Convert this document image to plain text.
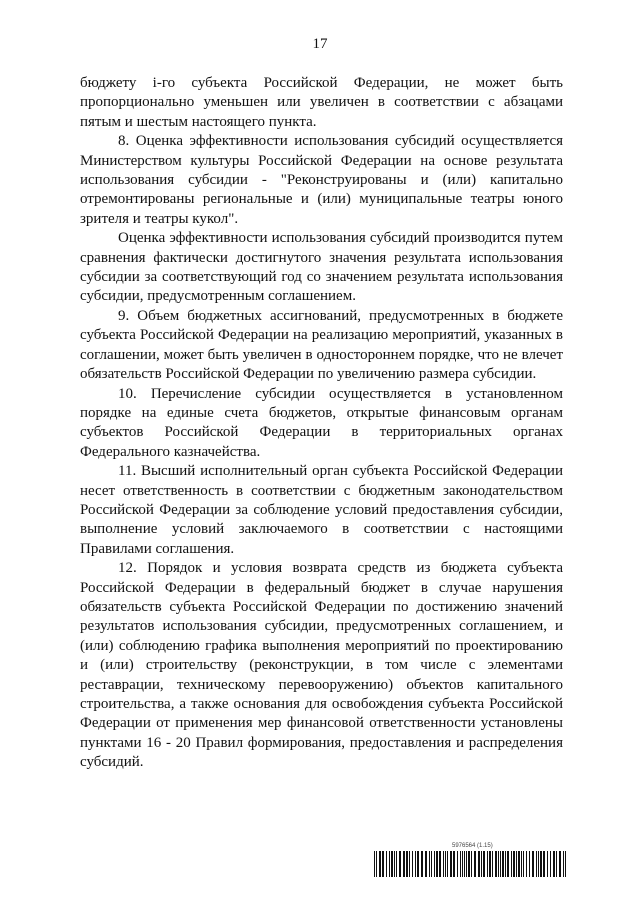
17

бюджету i-го субъекта Российской Федерации, не может быть пропорционально уменьшен или увеличен в соответствии с абзацами пятым и шестым настоящего пункта.

8. Оценка эффективности использования субсидий осуществляется Министерством культуры Российской Федерации на основе результата использования субсидии - "Реконструированы и (или) капитально отремонтированы региональные и (или) муниципальные театры юного зрителя и театры кукол".

Оценка эффективности использования субсидий производится путем сравнения фактически достигнутого значения результата использования субсидии за соответствующий год со значением результата использования субсидии, предусмотренным соглашением.

9. Объем бюджетных ассигнований, предусмотренных в бюджете субъекта Российской Федерации на реализацию мероприятий, указанных в соглашении, может быть увеличен в одностороннем порядке, что не влечет обязательств Российской Федерации по увеличению размера субсидии.

10. Перечисление субсидии осуществляется в установленном порядке на единые счета бюджетов, открытые финансовым органам субъектов Российской Федерации в территориальных органах Федерального казначейства.

11. Высший исполнительный орган субъекта Российской Федерации несет ответственность в соответствии с бюджетным законодательством Российской Федерации за соблюдение условий предоставления субсидии, выполнение условий заключаемого в соответствии с настоящими Правилами соглашения.

12. Порядок и условия возврата средств из бюджета субъекта Российской Федерации в федеральный бюджет в случае нарушения обязательств субъекта Российской Федерации по достижению значений результатов использования субсидии, предусмотренных соглашением, и (или) соблюдению графика выполнения мероприятий по проектированию и (или) строительству (реконструкции, в том числе с элементами реставрации, техническому перевооружению) объектов капитального строительства, а также основания для освобождения субъекта Российской Федерации от применения мер финансовой ответственности установлены пунктами 16 - 20 Правил формирования, предоставления и распределения субсидий.

5976564 (1.15)
